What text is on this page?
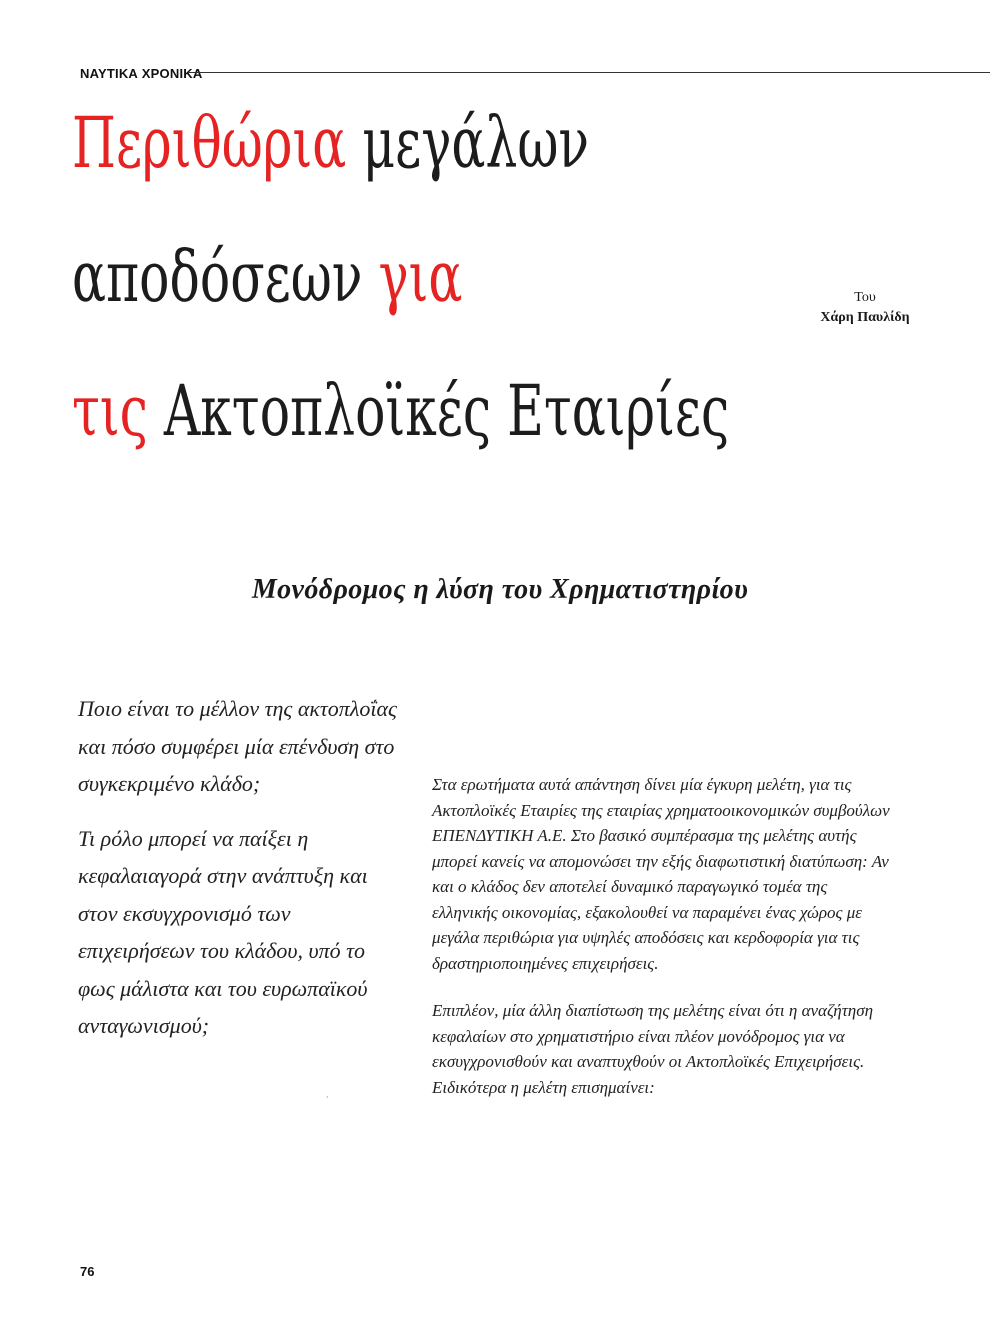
ΝΑΥΤΙΚΑ ΧΡΟΝΙΚΑ
Περιθώρια μεγάλων
αποδόσεων για
τις Ακτοπλοϊκές Εταιρίες
Του
Χάρη Παυλίδη
Μονόδρομος η λύση του Χρηματιστηρίου

Ποιο είναι το μέλλον της ακτοπλοΐας και πόσο συμφέρει μία επένδυση στο συγκεκριμένο κλάδο;

Τι ρόλο μπορεί να παίξει η κεφαλαιαγορά στην ανάπτυξη και στον εκσυγχρονισμό των επιχειρήσεων του κλάδου, υπό το φως μάλιστα και του ευρωπαϊκού ανταγωνισμού;

·

Στα ερωτήματα αυτά απάντηση δίνει μία έγκυρη μελέτη, για τις Ακτοπλοϊκές Εταιρίες της εταιρίας χρηματοοικονομικών συμβούλων ΕΠΕΝΔΥΤΙΚΗ Α.Ε. Στο βασικό συμπέρασμα της μελέτης αυτής μπορεί κανείς να απομονώσει την εξής διαφωτιστική διατύπωση: Αν και ο κλάδος δεν αποτελεί δυναμικό παραγωγικό τομέα της ελληνικής οικονομίας, εξακολουθεί να παραμένει ένας χώρος με μεγάλα περιθώρια για υψηλές αποδόσεις και κερδοφορία για τις δραστηριοποιημένες επιχειρήσεις.

Επιπλέον, μία άλλη διαπίστωση της μελέτης είναι ότι η αναζήτηση κεφαλαίων στο χρηματιστήριο είναι πλέον μονόδρομος για να εκσυγχρονισθούν και αναπτυχθούν οι Ακτοπλοϊκές Επιχειρήσεις. Ειδικότερα η μελέτη επισημαίνει:

76
